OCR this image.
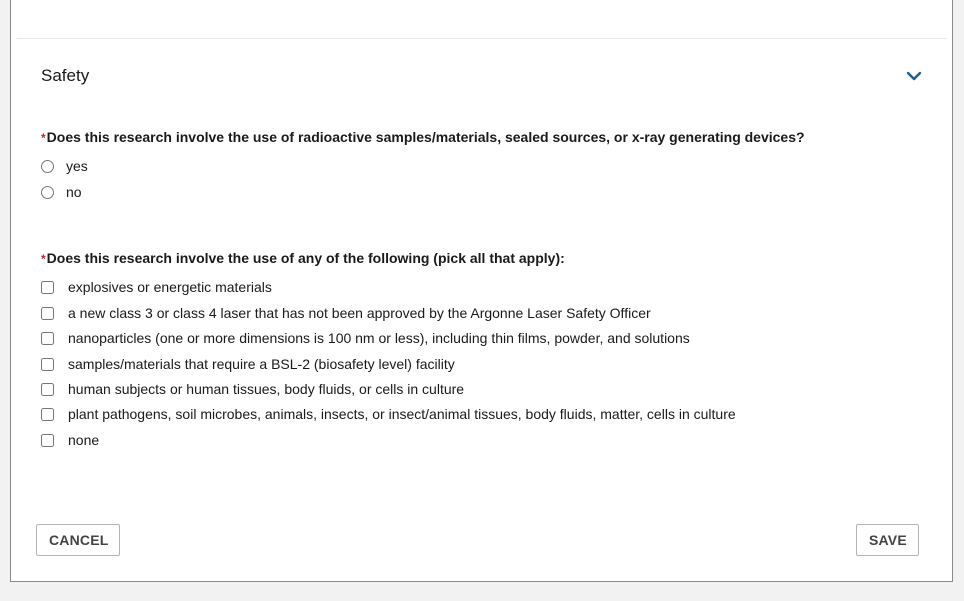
Safety
*Does this research involve the use of radioactive samples/materials, sealed sources, or x-ray generating devices?
yes
no
*Does this research involve the use of any of the following (pick all that apply):
explosives or energetic materials
a new class 3 or class 4 laser that has not been approved by the Argonne Laser Safety Officer
nanoparticles (one or more dimensions is 100 nm or less), including thin films, powder, and solutions
samples/materials that require a BSL-2 (biosafety level) facility
human subjects or human tissues, body fluids, or cells in culture
plant pathogens, soil microbes, animals, insects, or insect/animal tissues, body fluids, matter, cells in culture
none
CANCEL	SAVE
